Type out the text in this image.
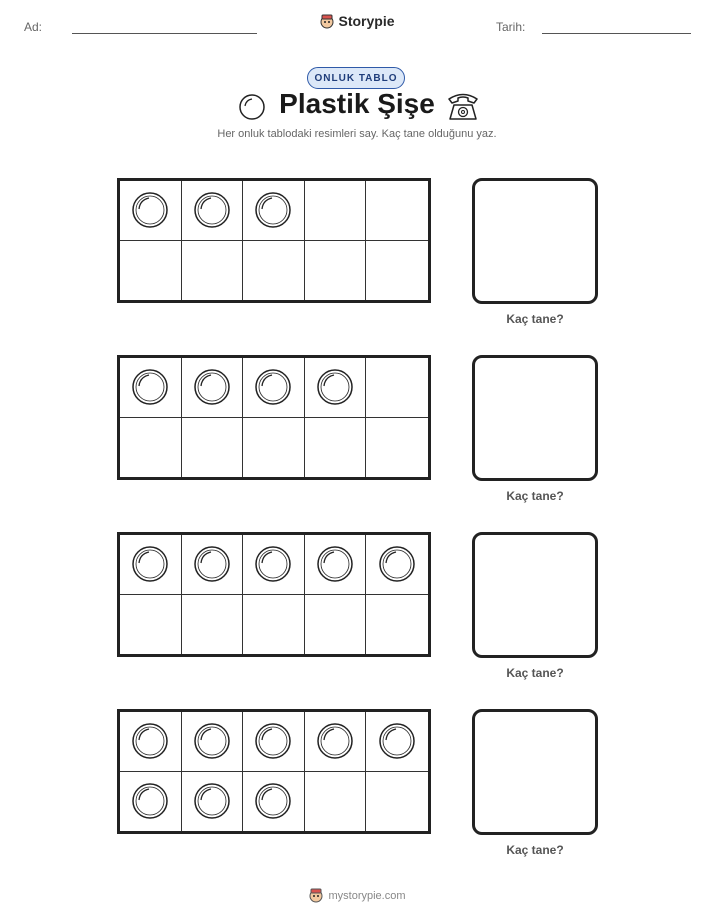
Ad:	Storypie	Tarih:
ONLUK TABLO
Plastik Şişe
Her onluk tablodaki resimleri say. Kaç tane olduğunu yaz.
Kaç tane?
Kaç tane?
Kaç tane?
Kaç tane?
mystorypie.com
